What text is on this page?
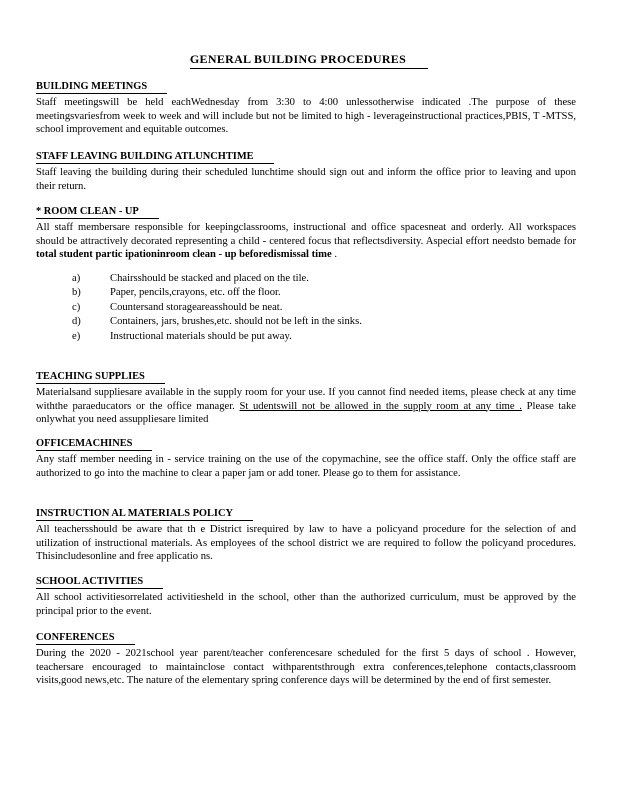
GENERAL BUILDING PROCEDURES
BUILDING MEETINGS

Staff meetingswill be held eachWednesday from 3:30 to 4:00 unlessotherwise indicated .The purpose of these meetingsvariesfrom week to week and will include but not be limited to high - leverageinstructional practices,PBIS, T -MTSS, school improvement and equitable outcomes.

STAFF LEAVING BUILDING ATLUNCHTIME

Staff leaving the building during their scheduled lunchtime should sign out and inform the office prior to leaving and upon their return.

* ROOM CLEAN - UP

All staff membersare responsible for keepingclassrooms, instructional and office spacesneat and orderly. All workspaces should be attractively decorated representing a child - centered focus that reflectsdiversity. Aspecial effort needsto bemade for total student partic ipationinroom clean - up beforedismissal time .

a)	Chairsshould be stacked and placed on the tile.
b)	Paper, pencils,crayons, etc. off the floor.
c)	Countersand storageareasshould be neat.
d)	Containers, jars, brushes,etc. should not be left in the sinks.
e)	Instructional materials should be put away.
TEACHING SUPPLIES

Materialsand suppliesare available in the supply room for your use. If you cannot find needed items, please check at any time withthe paraeducators or the office manager. St udentswill not be allowed in the supply room at any time . Please take onlywhat you need assuppliesare limited

OFFICEMACHINES

Any staff member needing in - service training on the use of the copymachine, see the office staff. Only the office staff are authorized to go into the machine to clear a paper jam or add toner. Please go to them for assistance.

INSTRUCTION AL MATERIALS POLICY

All teachersshould be aware that th e District isrequired by law to have a policyand procedure for the selection of and utilization of instructional materials. As employees of the school district we are required to follow the policyand procedures. Thisincludesonline and free applicatio ns.

SCHOOL ACTIVITIES

All school activitiesorrelated activitiesheld in the school, other than the authorized curriculum, must be approved by the principal prior to the event.

CONFERENCES

During the 2020 - 2021school year parent/teacher conferencesare scheduled for the first 5 days of school . However, teachersare encouraged to maintainclose contact withparentsthrough extra conferences,telephone contacts,classroom visits,good news,etc. The nature of the elementary spring conference days will be determined by the end of first semester.
